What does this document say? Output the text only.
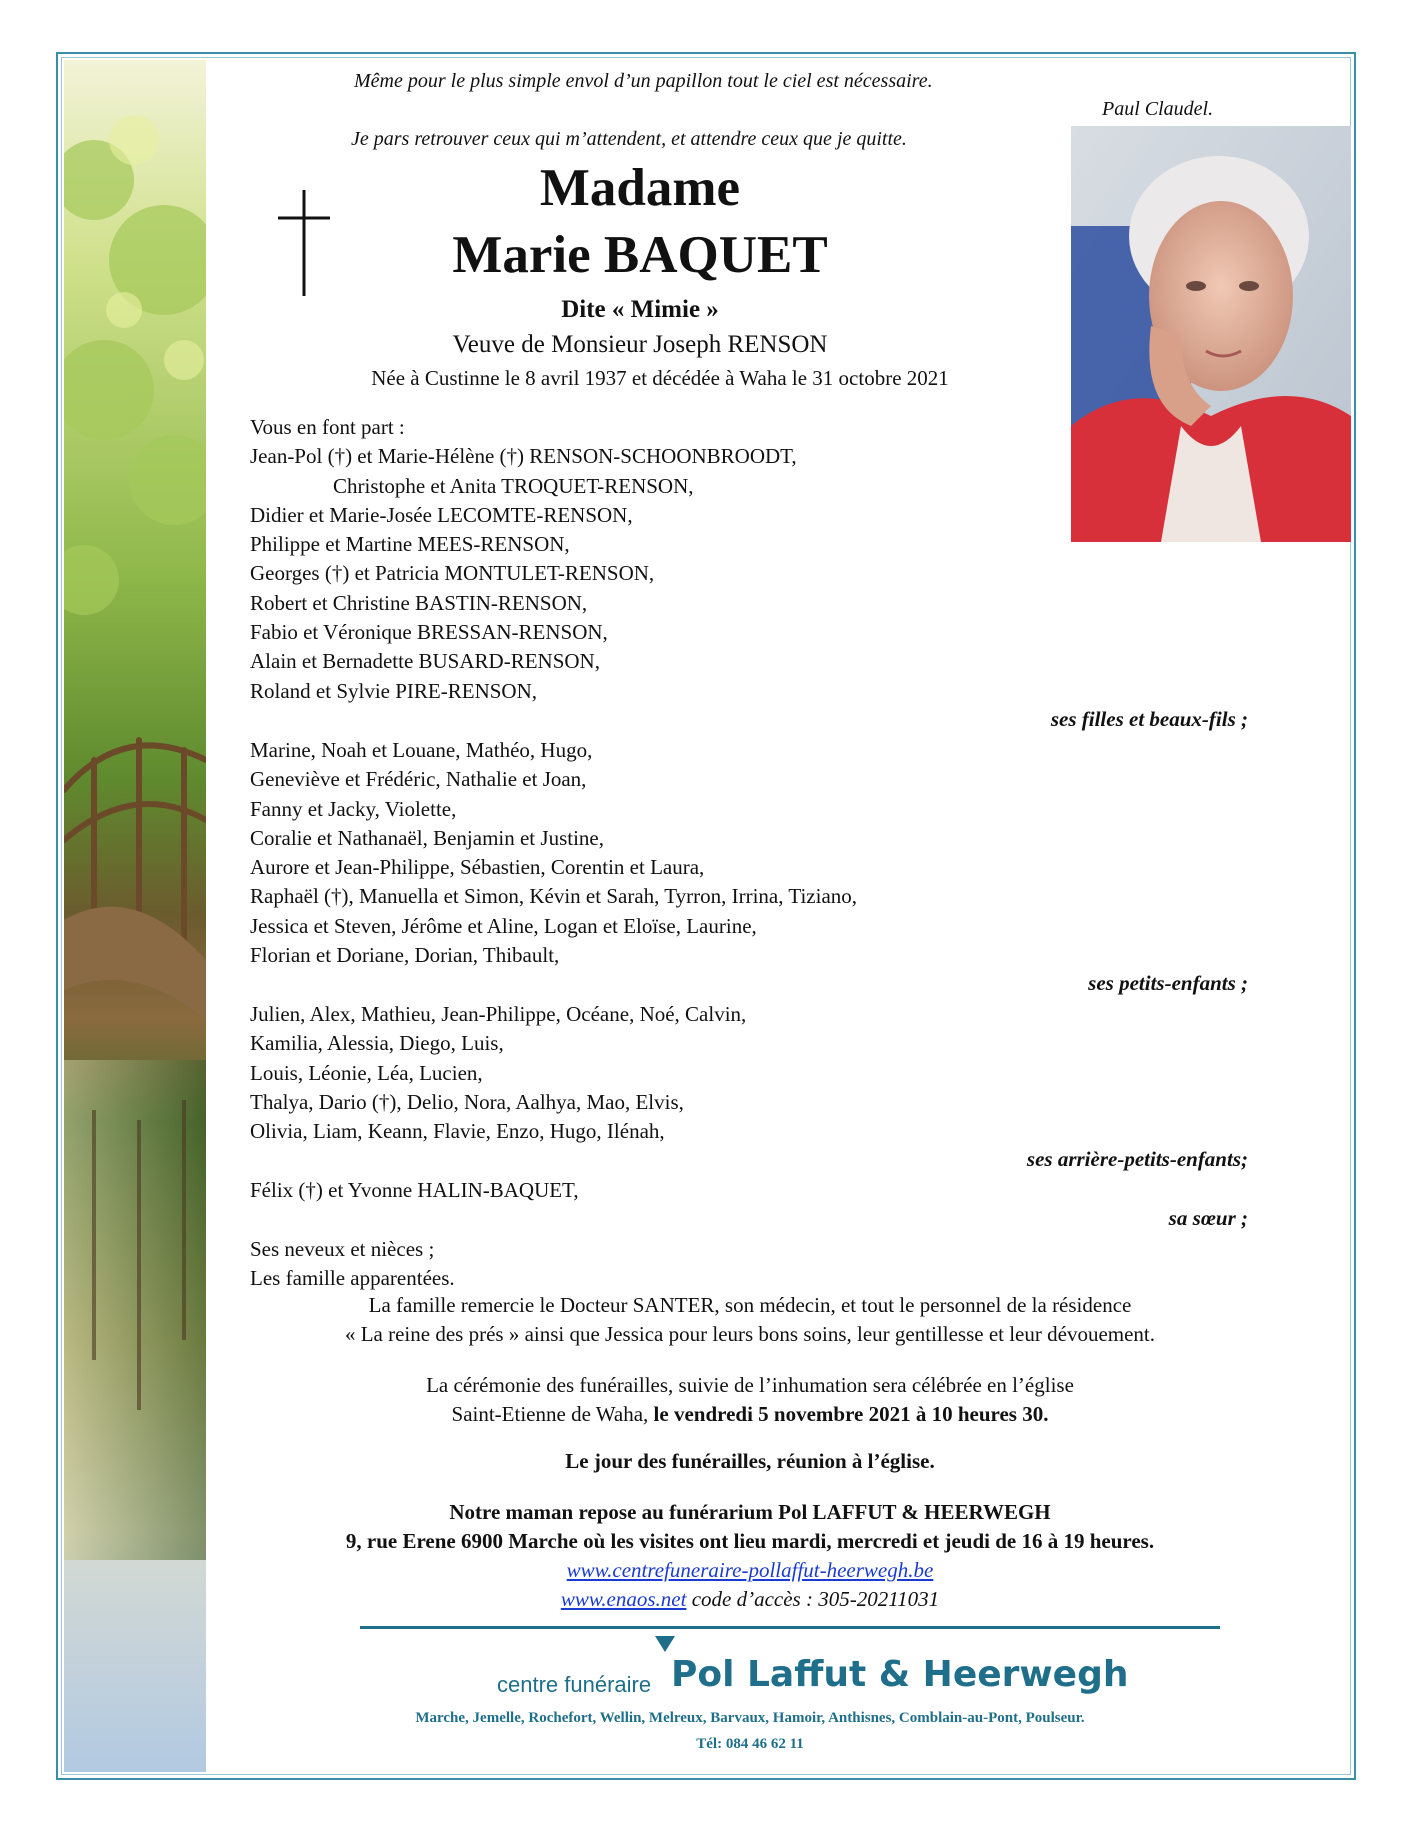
Même pour le plus simple envol d’un papillon tout le ciel est nécessaire.
Paul Claudel.
Je pars retrouver ceux qui m’attendent, et attendre ceux que je quitte.
Madame
Marie BAQUET
Dite « Mimie »
Veuve de Monsieur Joseph RENSON
Née à Custinne le 8 avril 1937 et décédée à Waha le 31 octobre 2021
Vous en font part :
Jean-Pol (†) et Marie-Hélène (†) RENSON-SCHOONBROODT,
Christophe et Anita TROQUET-RENSON,
Didier et Marie-Josée LECOMTE-RENSON,
Philippe et Martine MEES-RENSON,
Georges (†) et Patricia MONTULET-RENSON,
Robert et Christine BASTIN-RENSON,
Fabio et Véronique BRESSAN-RENSON,
Alain et Bernadette BUSARD-RENSON,
Roland et Sylvie PIRE-RENSON,
ses filles et beaux-fils ;
Marine, Noah et Louane, Mathéo, Hugo,
Geneviève et Frédéric, Nathalie et Joan,
Fanny et Jacky, Violette,
Coralie et Nathanaël, Benjamin et Justine,
Aurore et Jean-Philippe, Sébastien, Corentin et Laura,
Raphaël (†), Manuella et Simon, Kévin et Sarah, Tyrron, Irrina, Tiziano,
Jessica et Steven, Jérôme et Aline, Logan et Eloïse, Laurine,
Florian et Doriane, Dorian, Thibault,
ses petits-enfants ;
Julien, Alex, Mathieu, Jean-Philippe, Océane, Noé, Calvin,
Kamilia, Alessia, Diego, Luis,
Louis, Léonie, Léa, Lucien,
Thalya, Dario (†), Delio, Nora, Aalhya, Mao, Elvis,
Olivia, Liam, Keann, Flavie, Enzo, Hugo, Ilénah,
ses arrière-petits-enfants;
Félix (†) et Yvonne HALIN-BAQUET,
sa sœur ;
Ses neveux et nièces ;
Les famille apparentées.
La famille remercie le Docteur SANTER, son médecin, et tout le personnel de la résidence
« La reine des prés » ainsi que Jessica pour leurs bons soins, leur gentillesse et leur dévouement.
La cérémonie des funérailles, suivie de l’inhumation sera célébrée en l’église
Saint-Etienne de Waha, le vendredi 5 novembre 2021 à 10 heures 30.
Le jour des funérailles, réunion à l’église.
Notre maman repose au funérarium Pol LAFFUT & HEERWEGH
9, rue Erene 6900 Marche où les visites ont lieu mardi, mercredi et jeudi de 16 à 19 heures.
www.centrefuneraire-pollaffut-heerwegh.be
www.enaos.net code d’accès : 305-20211031
centre funéraire Pol Laffut & Heerwegh
Marche, Jemelle, Rochefort, Wellin, Melreux, Barvaux, Hamoir, Anthisnes, Comblain-au-Pont, Poulseur.
Tél: 084 46 62 11
